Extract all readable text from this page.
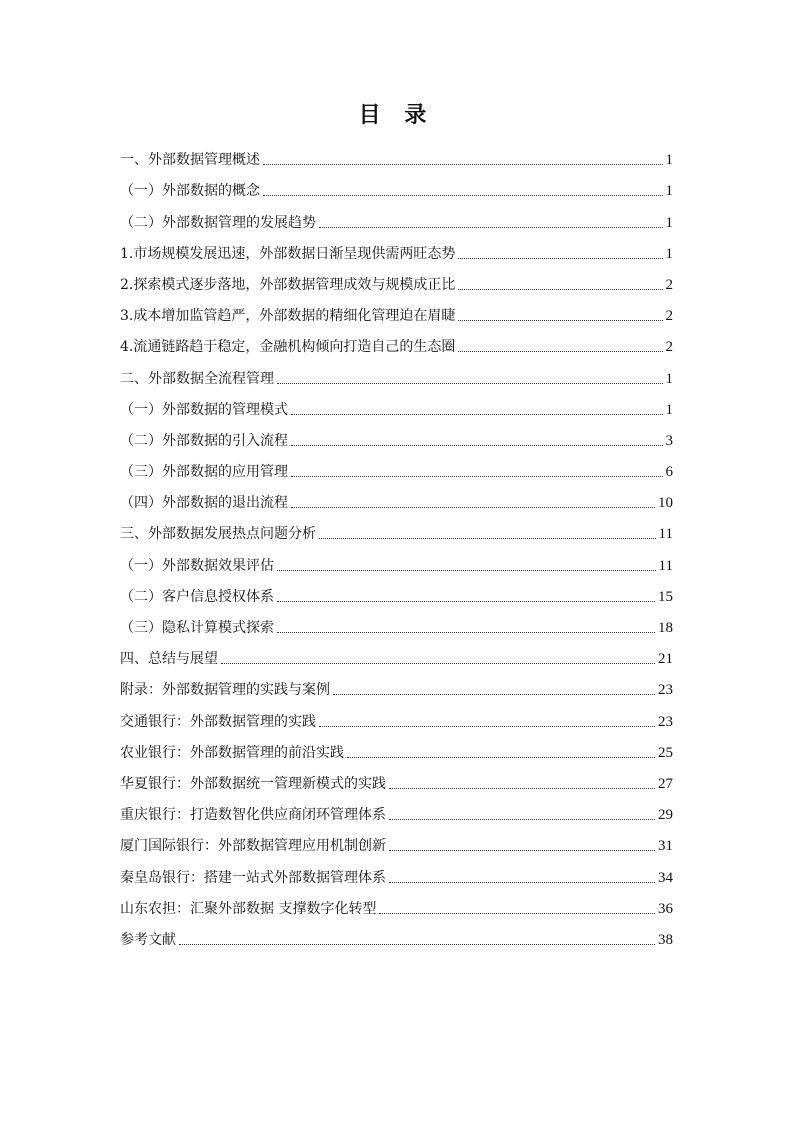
目 录
一、外部数据管理概述	1
（一）外部数据的概念	1
（二）外部数据管理的发展趋势	1
1.市场规模发展迅速，外部数据日渐呈现供需两旺态势	1
2.探索模式逐步落地，外部数据管理成效与规模成正比	2
3.成本增加监管趋严，外部数据的精细化管理迫在眉睫	2
4.流通链路趋于稳定，金融机构倾向打造自己的生态圈	2
二、外部数据全流程管理	1
（一）外部数据的管理模式	1
（二）外部数据的引入流程	3
（三）外部数据的应用管理	6
（四）外部数据的退出流程	10
三、外部数据发展热点问题分析	11
（一）外部数据效果评估	11
（二）客户信息授权体系	15
（三）隐私计算模式探索	18
四、总结与展望	21
附录：外部数据管理的实践与案例	23
交通银行：外部数据管理的实践	23
农业银行：外部数据管理的前沿实践	25
华夏银行：外部数据统一管理新模式的实践	27
重庆银行：打造数智化供应商闭环管理体系	29
厦门国际银行：外部数据管理应用机制创新	31
秦皇岛银行：搭建一站式外部数据管理体系	34
山东农担：汇聚外部数据 支撑数字化转型	36
参考文献	38
